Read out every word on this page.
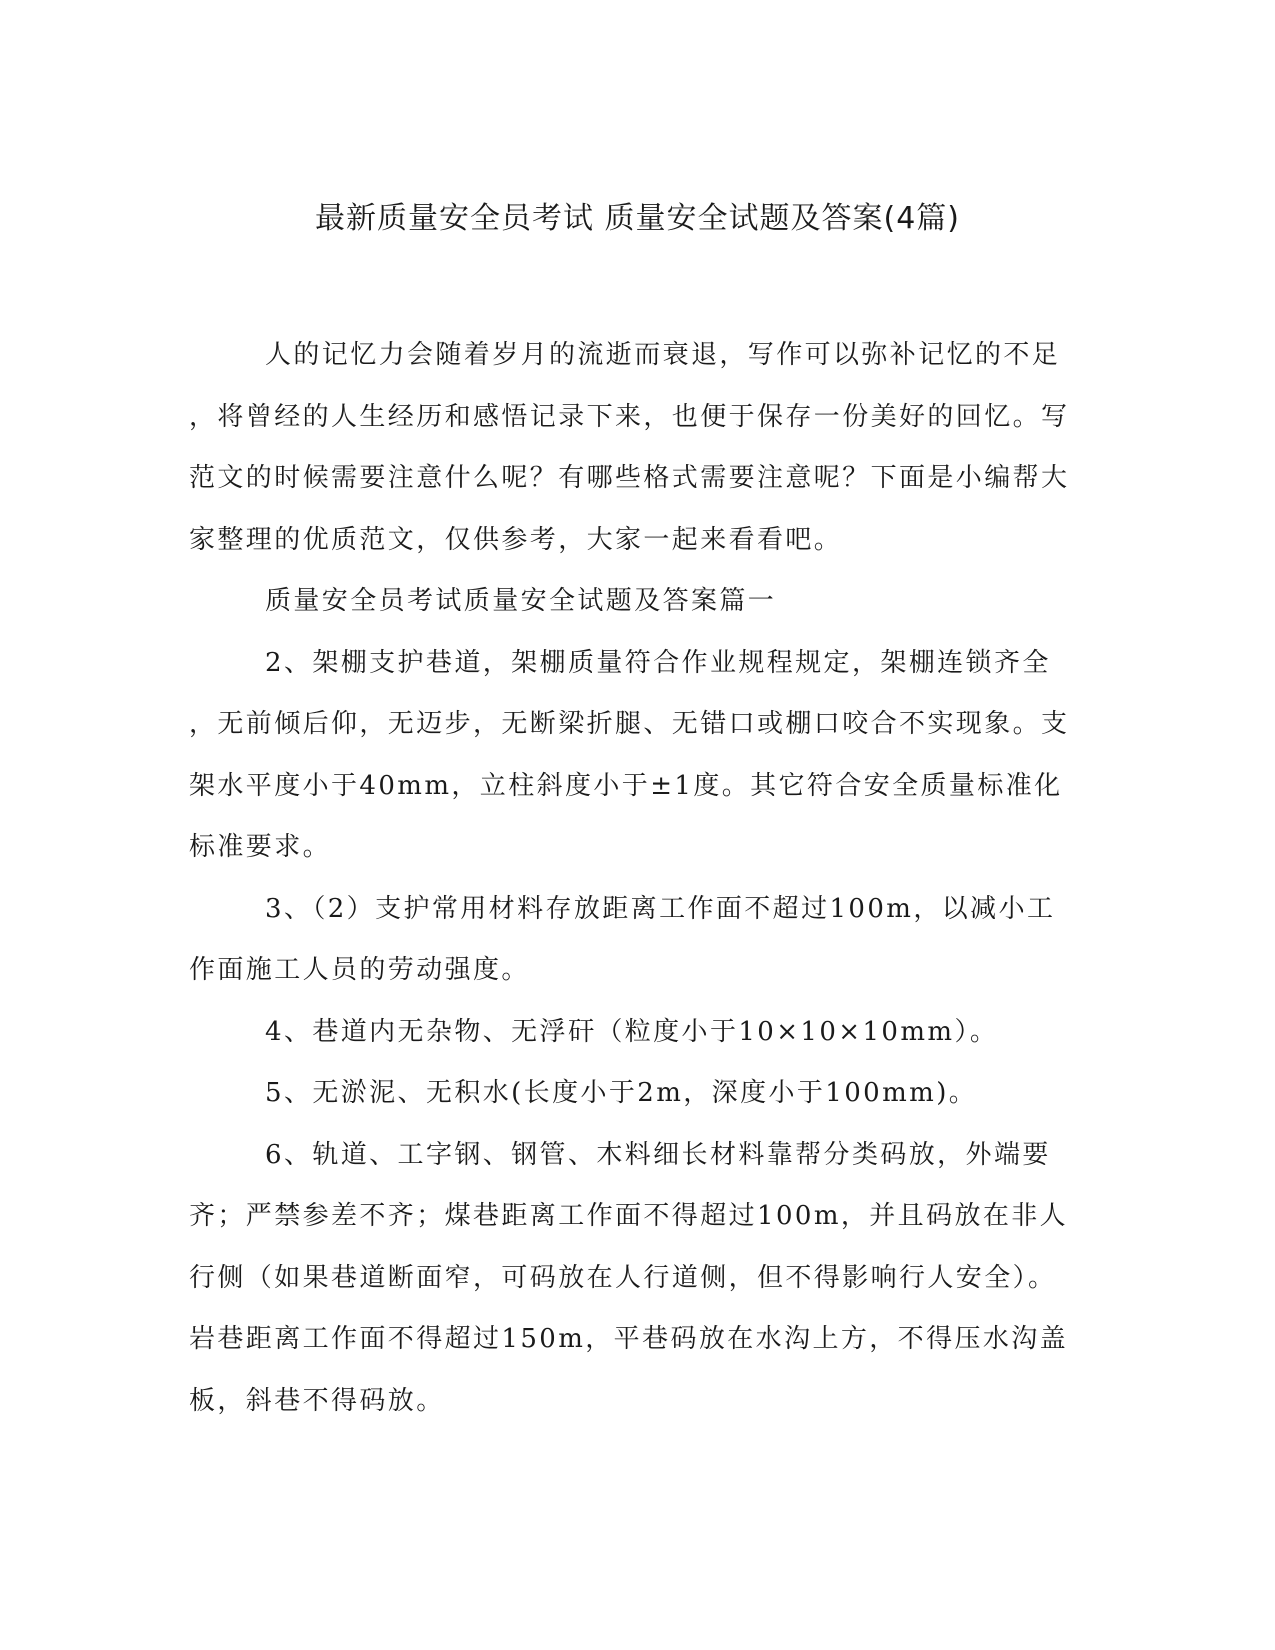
最新质量安全员考试 质量安全试题及答案(4篇)

人的记忆力会随着岁月的流逝而衰退，写作可以弥补记忆的不足，将曾经的人生经历和感悟记录下来，也便于保存一份美好的回忆。写范文的时候需要注意什么呢？有哪些格式需要注意呢？下面是小编帮大家整理的优质范文，仅供参考，大家一起来看看吧。

质量安全员考试质量安全试题及答案篇一

2、架棚支护巷道，架棚质量符合作业规程规定，架棚连锁齐全，无前倾后仰，无迈步，无断梁折腿、无错口或棚口咬合不实现象。支架水平度小于40mm，立柱斜度小于±1度。其它符合安全质量标准化标准要求。

3、（2）支护常用材料存放距离工作面不超过100m，以减小工作面施工人员的劳动强度。

4、巷道内无杂物、无浮矸（粒度小于10×10×10mm）。

5、无淤泥、无积水(长度小于2m，深度小于100mm)。

6、轨道、工字钢、钢管、木料细长材料靠帮分类码放，外端要齐；严禁参差不齐；煤巷距离工作面不得超过100m，并且码放在非人行侧（如果巷道断面窄，可码放在人行道侧，但不得影响行人安全）。岩巷距离工作面不得超过150m，平巷码放在水沟上方，不得压水沟盖板，斜巷不得码放。
